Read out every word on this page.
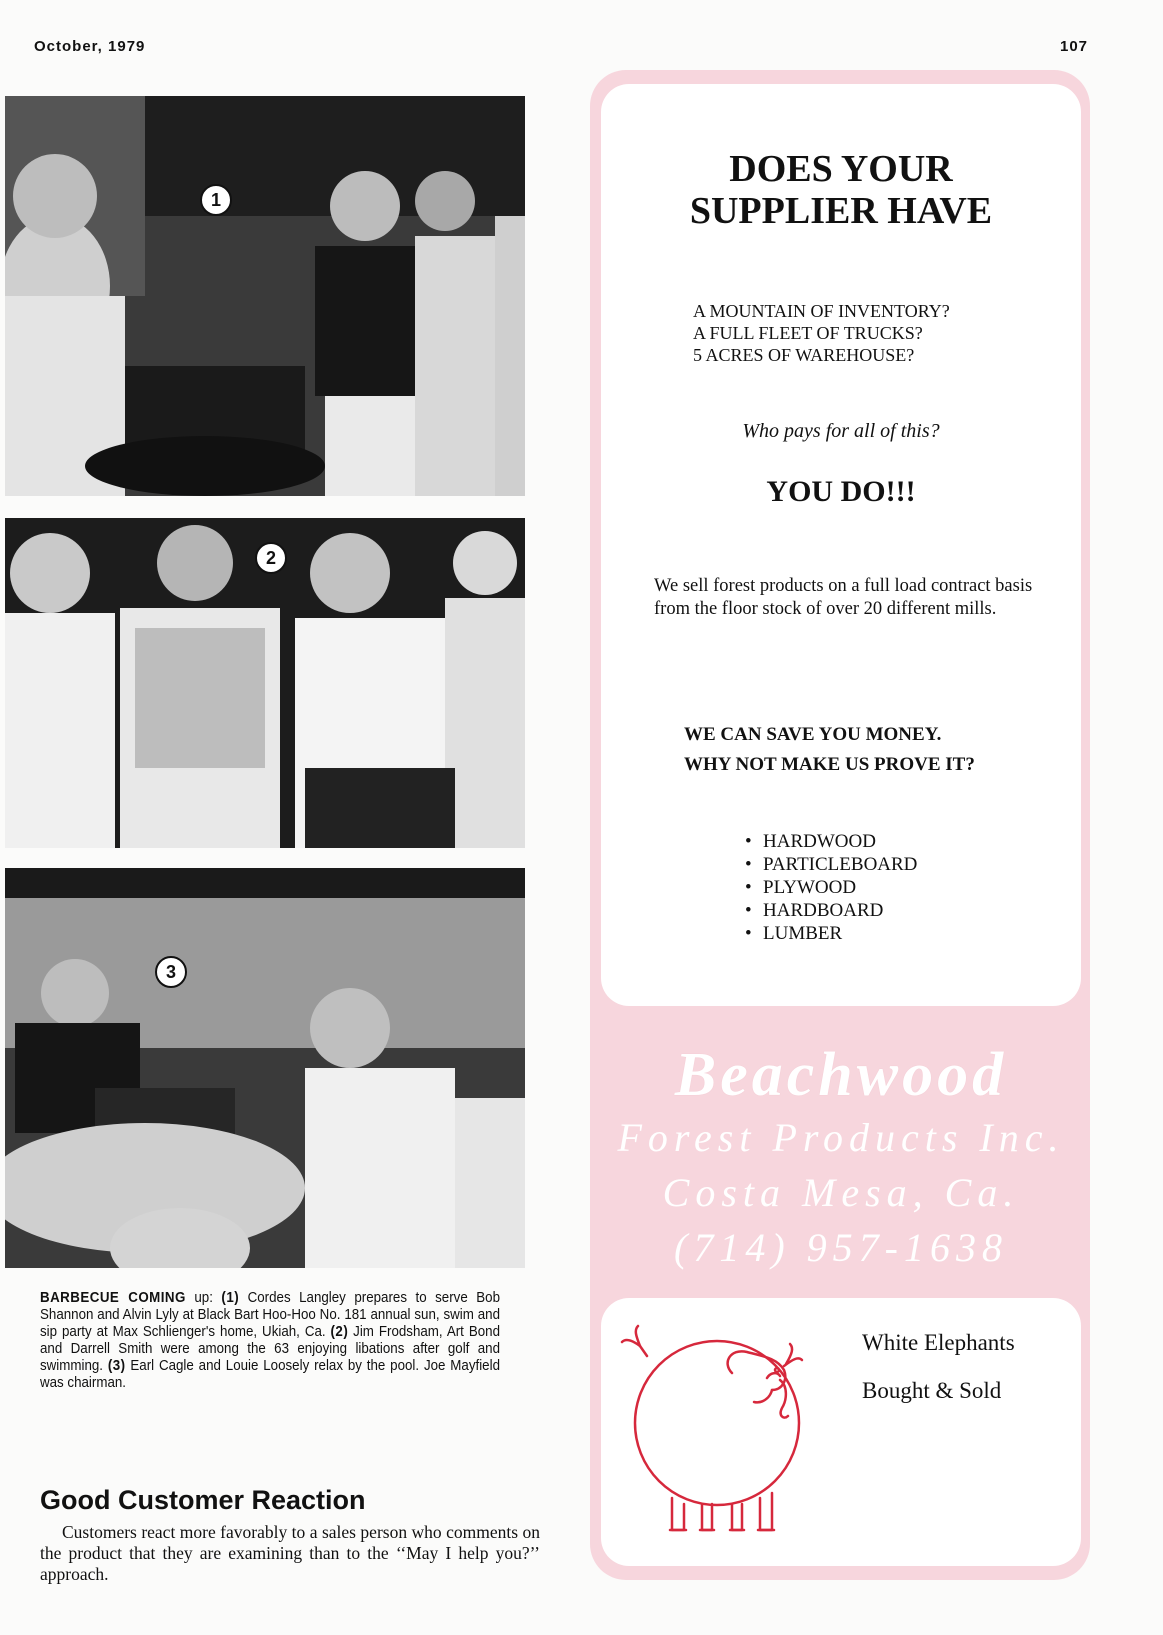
October, 1979	107
1
2
3
BARBECUE COMING up: (1) Cordes Langley prepares to serve Bob Shannon and Alvin Lyly at Black Bart Hoo-Hoo No. 181 annual sun, swim and sip party at Max Schlienger's home, Ukiah, Ca. (2) Jim Frodsham, Art Bond and Darrell Smith were among the 63 enjoying libations after golf and swimming. (3) Earl Cagle and Louie Loosely relax by the pool. Joe Mayfield was chairman.
Good Customer Reaction
Customers react more favorably to a sales person who comments on the product that they are examining than to the ‘‘May I help you?’’ approach.
DOES YOUR
SUPPLIER HAVE
A MOUNTAIN OF INVENTORY?
A FULL FLEET OF TRUCKS?
5 ACRES OF WAREHOUSE?
Who pays for all of this?
YOU DO!!!
We sell forest products on a full load contract basis from the floor stock of over 20 different mills.
WE CAN SAVE YOU MONEY.
WHY NOT MAKE US PROVE IT?
• HARDWOOD
• PARTICLEBOARD
• PLYWOOD
• HARDBOARD
• LUMBER
Beachwood
Forest Products Inc.
Costa Mesa, Ca.
(714) 957-1638
White Elephants
Bought & Sold
